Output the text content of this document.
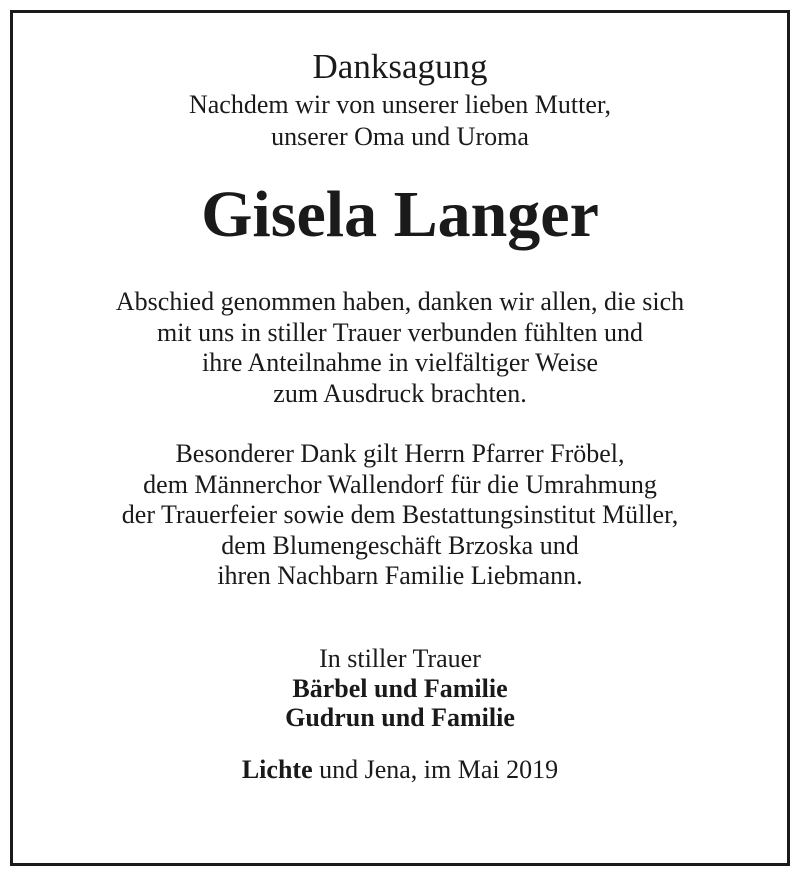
Danksagung
Nachdem wir von unserer lieben Mutter,
unserer Oma und Uroma
Gisela Langer
Abschied genommen haben, danken wir allen, die sich
mit uns in stiller Trauer verbunden fühlten und
ihre Anteilnahme in vielfältiger Weise
zum Ausdruck brachten.
Besonderer Dank gilt Herrn Pfarrer Fröbel,
dem Männerchor Wallendorf für die Umrahmung
der Trauerfeier sowie dem Bestattungsinstitut Müller,
dem Blumengeschäft Brzoska und
ihren Nachbarn Familie Liebmann.
In stiller Trauer
Bärbel und Familie
Gudrun und Familie
Lichte und Jena, im Mai 2019
